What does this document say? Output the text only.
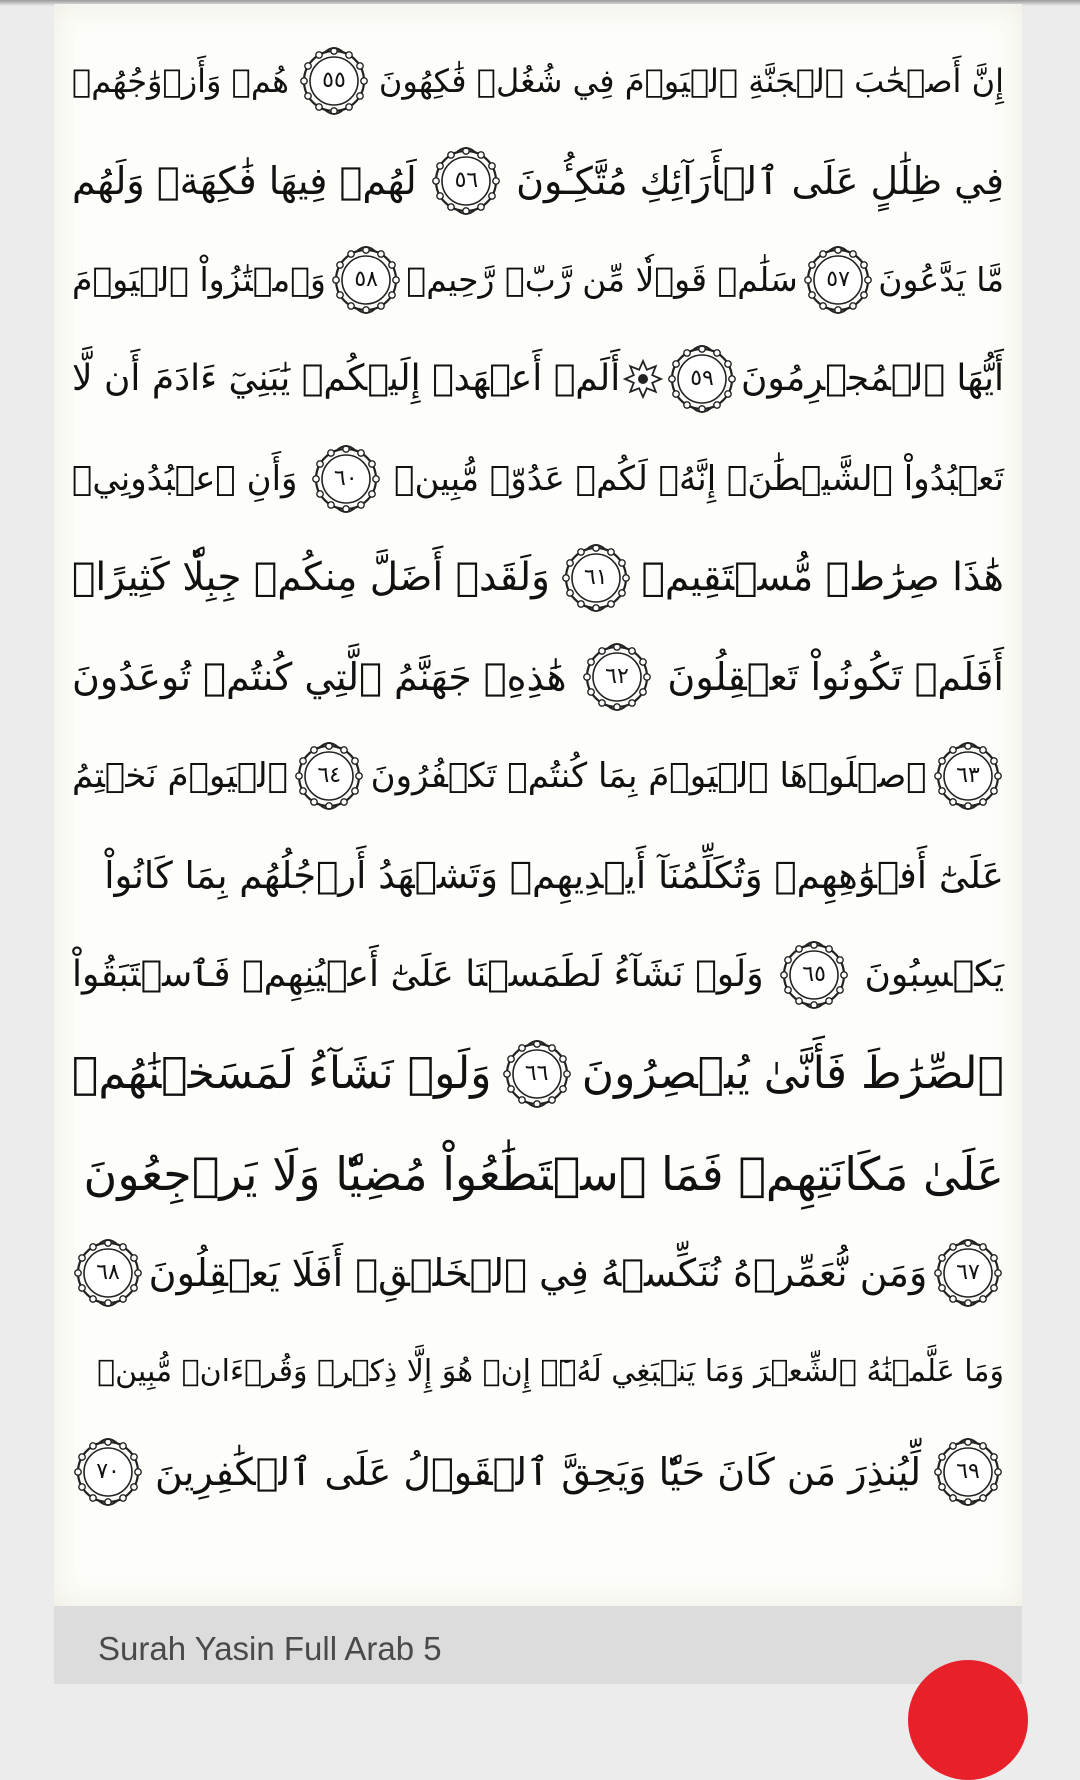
إِنَّ أَصۡحَٰبَ ٱلۡجَنَّةِ ٱلۡيَوۡمَ فِي شُغُلٖ فَٰكِهُونَ
٥٥
هُمۡ وَأَزۡوَٰجُهُمۡ
فِي ظِلَٰلٍ عَلَى ٱلۡأَرَآئِكِ مُتَّكِـُٔونَ
٥٦
لَهُمۡ فِيهَا فَٰكِهَةٞ وَلَهُم
مَّا يَدَّعُونَ
٥٧
سَلَٰمٞ قَوۡلٗا مِّن رَّبّٖ رَّحِيمٖ
٥٨
وَٱمۡتَٰزُواْ ٱلۡيَوۡمَ
أَيُّهَا ٱلۡمُجۡرِمُونَ
٥٩
أَلَمۡ أَعۡهَدۡ إِلَيۡكُمۡ يَٰبَنِيٓ ءَادَمَ أَن لَّا
تَعۡبُدُواْ ٱلشَّيۡطَٰنَۖ إِنَّهُۥ لَكُمۡ عَدُوّٞ مُّبِينٞ
٦٠
وَأَنِ ٱعۡبُدُونِيۚ
هَٰذَا صِرَٰطٞ مُّسۡتَقِيمٞ
٦١
وَلَقَدۡ أَضَلَّ مِنكُمۡ جِبِلّٗا كَثِيرًاۖ
أَفَلَمۡ تَكُونُواْ تَعۡقِلُونَ
٦٢
هَٰذِهِۦ جَهَنَّمُ ٱلَّتِي كُنتُمۡ تُوعَدُونَ
٦٣
ٱصۡلَوۡهَا ٱلۡيَوۡمَ بِمَا كُنتُمۡ تَكۡفُرُونَ
٦٤
ٱلۡيَوۡمَ نَخۡتِمُ
عَلَىٰٓ أَفۡوَٰهِهِمۡ وَتُكَلِّمُنَآ أَيۡدِيهِمۡ وَتَشۡهَدُ أَرۡجُلُهُم بِمَا كَانُواْ
يَكۡسِبُونَ
٦٥
وَلَوۡ نَشَآءُ لَطَمَسۡنَا عَلَىٰٓ أَعۡيُنِهِمۡ فَٱسۡتَبَقُواْ
ٱلصِّرَٰطَ فَأَنَّىٰ يُبۡصِرُونَ
٦٦
وَلَوۡ نَشَآءُ لَمَسَخۡنَٰهُمۡ
عَلَىٰ مَكَانَتِهِمۡ فَمَا ٱسۡتَطَٰعُواْ مُضِيّٗا وَلَا يَرۡجِعُونَ
٦٧
وَمَن نُّعَمِّرۡهُ نُنَكِّسۡهُ فِي ٱلۡخَلۡقِۖ أَفَلَا يَعۡقِلُونَ
٦٨
وَمَا عَلَّمۡنَٰهُ ٱلشِّعۡرَ وَمَا يَنۢبَغِي لَهُۥٓۚ إِنۡ هُوَ إِلَّا ذِكۡرٞ وَقُرۡءَانٞ مُّبِينٞ
٦٩
لِّيُنذِرَ مَن كَانَ حَيّٗا وَيَحِقَّ ٱلۡقَوۡلُ عَلَى ٱلۡكَٰفِرِينَ
٧٠
Surah Yasin Full Arab 5
